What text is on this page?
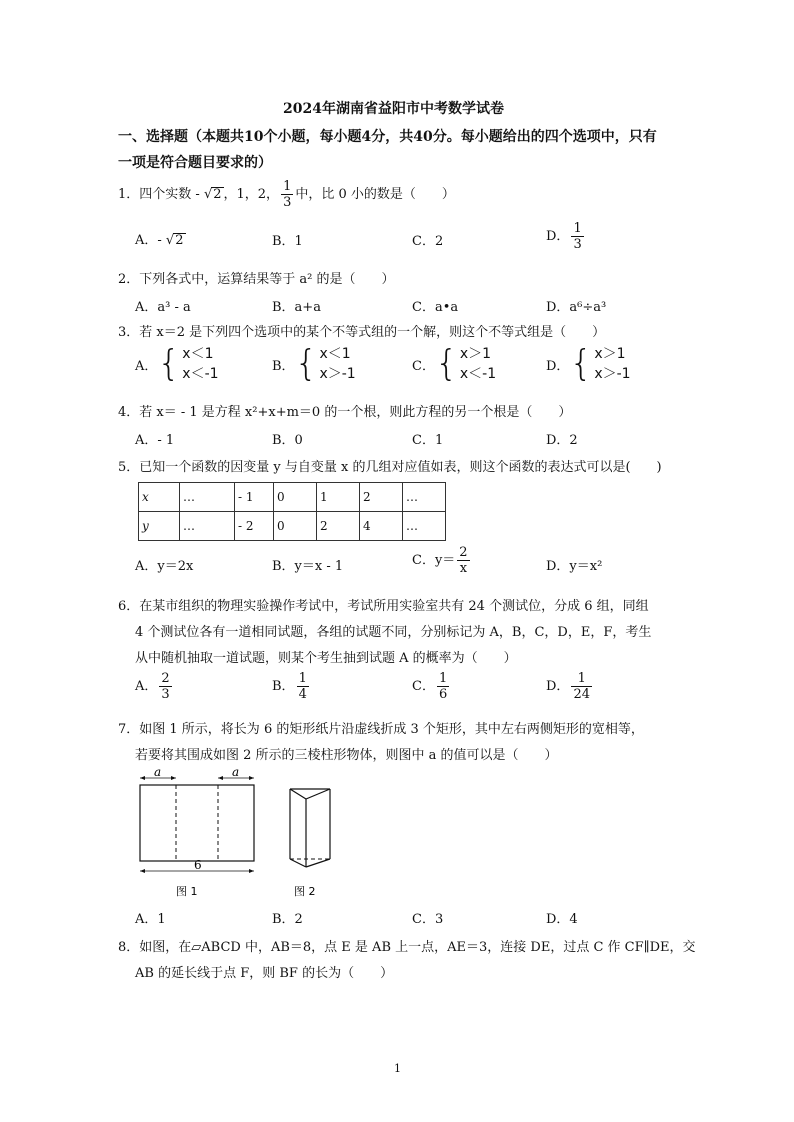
2024年湖南省益阳市中考数学试卷
一、选择题（本题共10个小题，每小题4分，共40分。每小题给出的四个选项中，只有
一项是符合题目要求的）
1．四个实数 - √2 ，1，2， $\frac{1}{3}$ 中，比 0 小的数是（　　）
A．- √2	B．1	C．2	D． $\frac{1}{3}$
2．下列各式中，运算结果等于 a² 的是（　　）
A．a³ - a	B．a+a	C．a•a	D．a⁶÷a³
3．若 x＝2 是下列四个选项中的某个不等式组的一个解，则这个不等式组是（　　）
A．{ x＜1
x＜-1	B．{ x＜1
x＞-1	C．{ x＞1
x＜-1	D．{ x＞1
x＞-1
4．若 x＝ - 1 是方程 x²+x+m＝0 的一个根，则此方程的另一个根是（　　）
A．- 1	B．0	C．1	D．2
5．已知一个函数的因变量 y 与自变量 x 的几组对应值如表，则这个函数的表达式可以是(　　)
x	…	- 1	0	1	2	…
y	…	- 2	0	2	4	…
A．y＝2x	B．y＝x - 1	C．$y= \frac{2}{x}$	D．y＝x²
6．在某市组织的物理实验操作考试中，考试所用实验室共有 24 个测试位，分成 6 组，同组
4 个测试位各有一道相同试题，各组的试题不同，分别标记为 A，B，C，D，E，F，考生
从中随机抽取一道试题，则某个考生抽到试题 A 的概率为（　　）
A． $\frac{2}{3}$	B． $\frac{1}{4}$	C． $\frac{1}{6}$	D． $\frac{1}{24}$
7．如图 1 所示，将长为 6 的矩形纸片沿虚线折成 3 个矩形，其中左右两侧矩形的宽相等，
若要将其围成如图 2 所示的三棱柱形物体，则图中 a 的值可以是（　　）
a	a
6
图 1	图 2
A．1	B．2	C．3	D．4
8．如图，在▱ABCD 中，AB＝8，点 E 是 AB 上一点，AE＝3，连接 DE，过点 C 作 CF∥DE，交
AB 的延长线于点 F，则 BF 的长为（　　）
1
